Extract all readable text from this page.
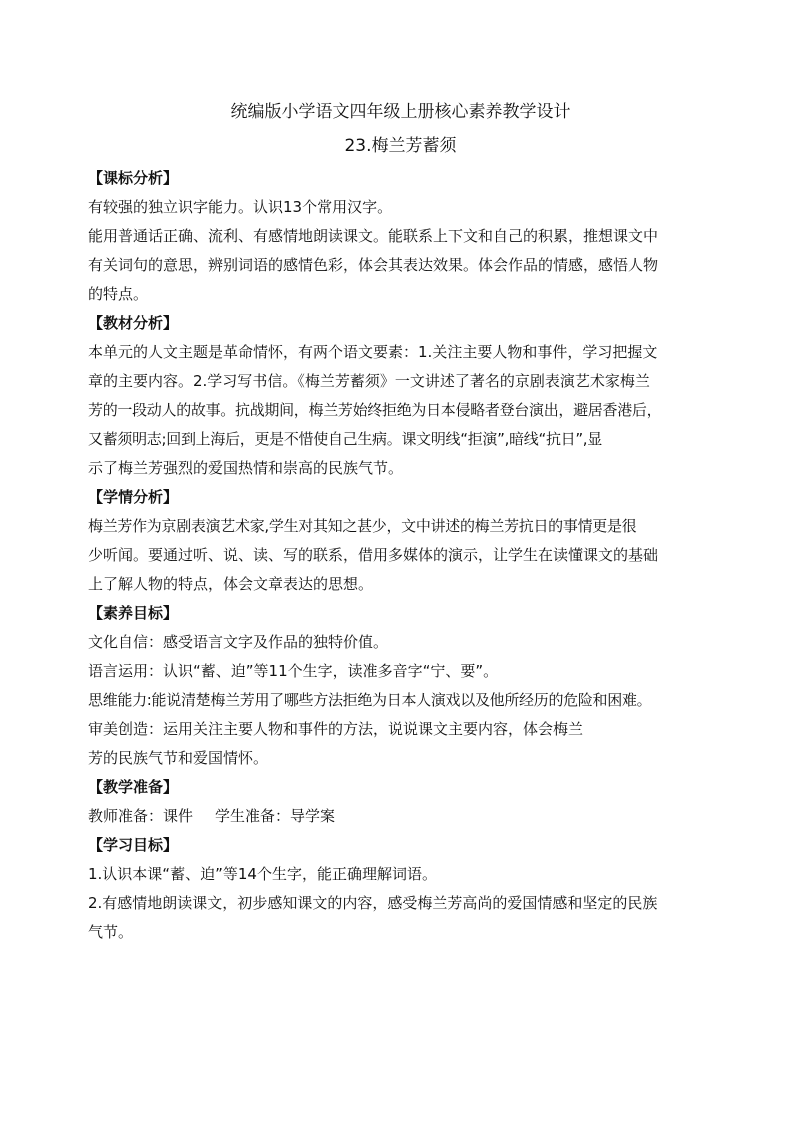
统编版小学语文四年级上册核心素养教学设计
23.梅兰芳蓄须
【课标分析】
有较强的独立识字能力。认识13个常用汉字。
能用普通话正确、流利、有感情地朗读课文。能联系上下文和自己的积累，推想课文中
有关词句的意思，辨别词语的感情色彩，体会其表达效果。体会作品的情感，感悟人物
的特点。
【教材分析】
本单元的人文主题是革命情怀，有两个语文要素：1.关注主要人物和事件，学习把握文
章的主要内容。2.学习写书信。《梅兰芳蓄须》一文讲述了著名的京剧表演艺术家梅兰
芳的一段动人的故事。抗战期间，梅兰芳始终拒绝为日本侵略者登台演出，避居香港后，
又蓄须明志;回到上海后，更是不惜使自己生病。课文明线“拒演”,暗线“抗日”,显
示了梅兰芳强烈的爱国热情和崇高的民族气节。
【学情分析】
梅兰芳作为京剧表演艺术家,学生对其知之甚少，文中讲述的梅兰芳抗日的事情更是很
少听闻。要通过听、说、读、写的联系，借用多媒体的演示，让学生在读懂课文的基础
上了解人物的特点，体会文章表达的思想。
【素养目标】
文化自信：感受语言文字及作品的独特价值。
语言运用：认识“蓄、迫”等11个生字，读准多音字“宁、要”。
思维能力:能说清楚梅兰芳用了哪些方法拒绝为日本人演戏以及他所经历的危险和困难。
审美创造：运用关注主要人物和事件的方法，说说课文主要内容，体会梅兰
芳的民族气节和爱国情怀。
【教学准备】
教师准备：课件 学生准备：导学案
【学习目标】
1.认识本课“蓄、迫”等14个生字，能正确理解词语。
2.有感情地朗读课文，初步感知课文的内容，感受梅兰芳高尚的爱国情感和坚定的民族
气节。
